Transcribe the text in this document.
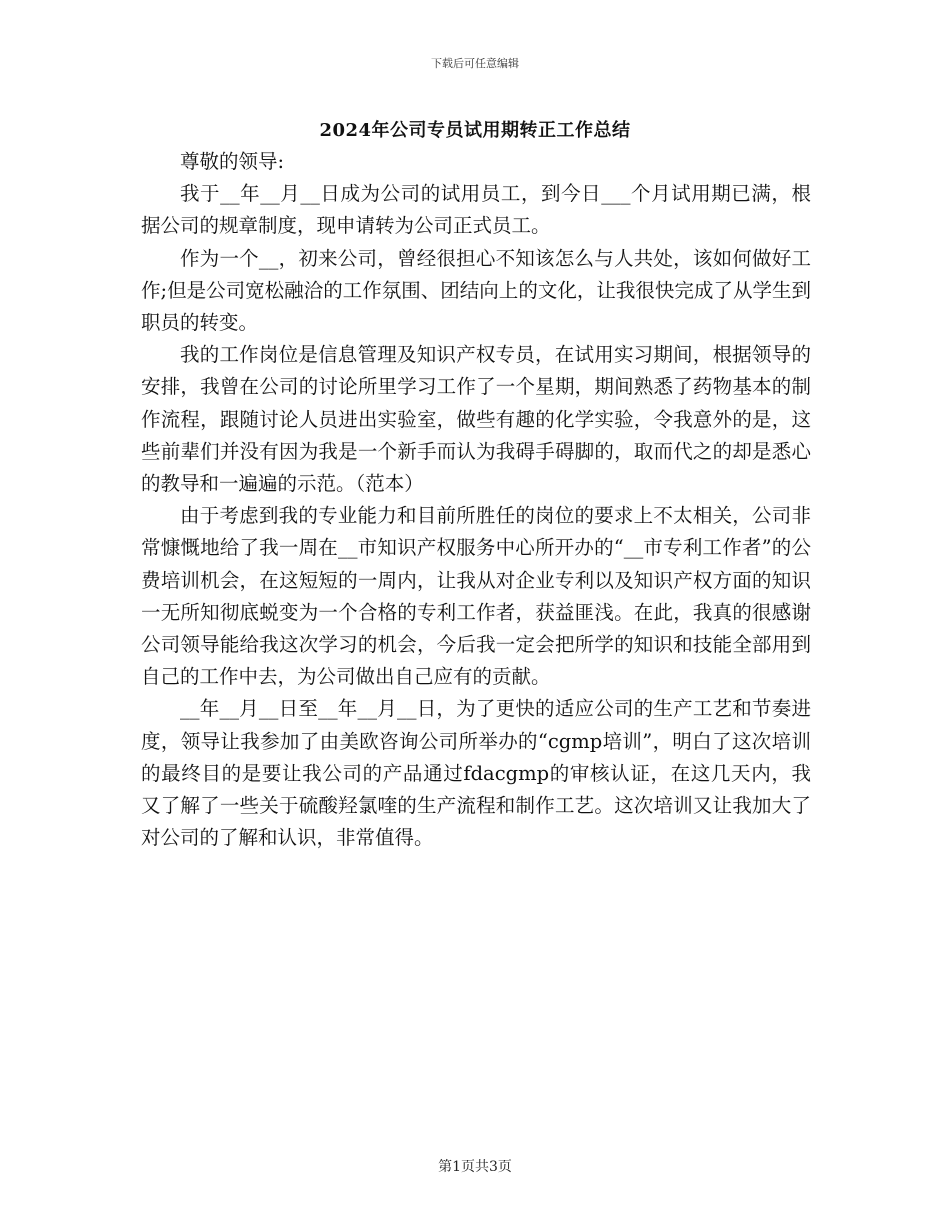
下载后可任意编辑
2024年公司专员试用期转正工作总结

尊敬的领导:

我于__年__月__日成为公司的试用员工，到今日___个月试用期已满，根据公司的规章制度，现申请转为公司正式员工。

作为一个__，初来公司，曾经很担心不知该怎么与人共处，该如何做好工作;但是公司宽松融洽的工作氛围、团结向上的文化，让我很快完成了从学生到职员的转变。

我的工作岗位是信息管理及知识产权专员，在试用实习期间，根据领导的安排，我曾在公司的讨论所里学习工作了一个星期，期间熟悉了药物基本的制作流程，跟随讨论人员进出实验室，做些有趣的化学实验，令我意外的是，这些前辈们并没有因为我是一个新手而认为我碍手碍脚的，取而代之的却是悉心的教导和一遍遍的示范。（范本）

由于考虑到我的专业能力和目前所胜任的岗位的要求上不太相关，公司非常慷慨地给了我一周在__市知识产权服务中心所开办的“__市专利工作者”的公费培训机会，在这短短的一周内，让我从对企业专利以及知识产权方面的知识一无所知彻底蜕变为一个合格的专利工作者，获益匪浅。在此，我真的很感谢公司领导能给我这次学习的机会，今后我一定会把所学的知识和技能全部用到自己的工作中去，为公司做出自己应有的贡献。

__年__月__日至__年__月__日，为了更快的适应公司的生产工艺和节奏进度，领导让我参加了由美欧咨询公司所举办的“cgmp培训”，明白了这次培训的最终目的是要让我公司的产品通过fdacgmp的审核认证，在这几天内，我又了解了一些关于硫酸羟氯喹的生产流程和制作工艺。这次培训又让我加大了对公司的了解和认识，非常值得。

第1页共3页
